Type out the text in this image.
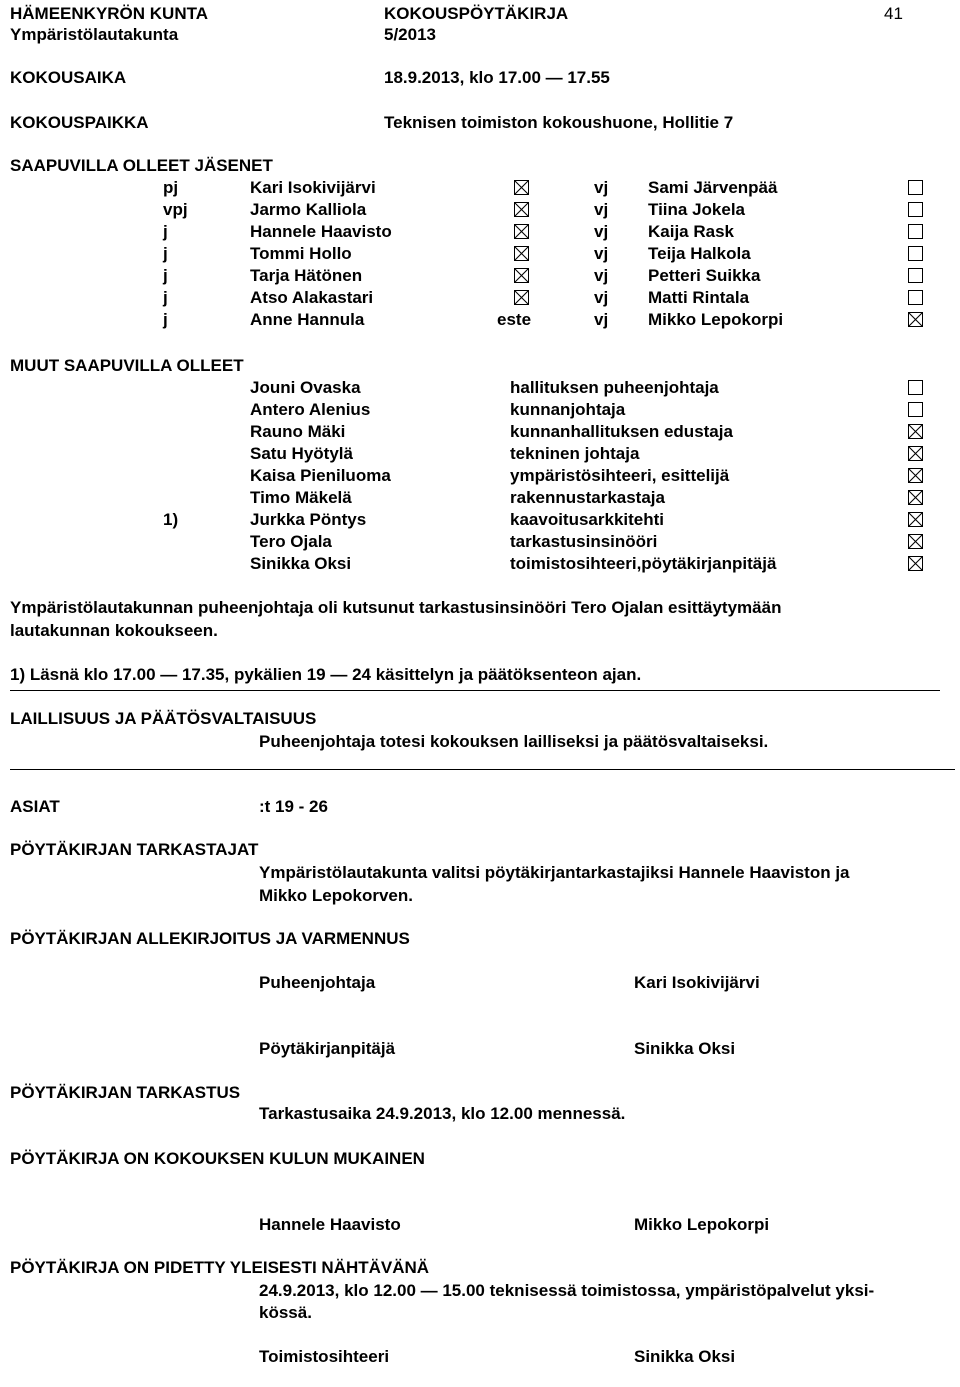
HÄMEENKYRÖN KUNTA
Ympäristölautakunta
KOKOUSPÖYTÄKIRJA
5/2013
41
KOKOUSAIKA	18.9.2013, klo 17.00 — 17.55
KOKOUSPAIKKA	Teknisen toimiston kokoushuone, Hollitie 7
SAAPUVILLA OLLEET JÄSENET
pj	Kari Isokivijärvi	vj Sami Järvenpää
vpj	Jarmo Kalliola	vj Tiina Jokela
j	Hannele Haavisto	vj Kaija Rask
j	Tommi Hollo	vj Teija Halkola
j	Tarja Hätönen	vj Petteri Suikka
j	Atso Alakastari	vj Matti Rintala
j	Anne Hannula	este	vj Mikko Lepokorpi
MUUT SAAPUVILLA OLLEET
Jouni Ovaska	hallituksen puheenjohtaja
Antero Alenius	kunnanjohtaja
Rauno Mäki	kunnanhallituksen edustaja
Satu Hyötylä	tekninen johtaja
Kaisa Pieniluoma	ympäristösihteeri, esittelijä
Timo Mäkelä	rakennustarkastaja
1)	Jurkka Pöntys	kaavoitusarkkitehti
Tero Ojala	tarkastusinsinööri
Sinikka Oksi	toimistosihteeri,pöytäkirjanpitäjä
Ympäristölautakunnan puheenjohtaja oli kutsunut tarkastusinsinööri Tero Ojalan esittäytymään
lautakunnan kokoukseen.
1) Läsnä klo 17.00 — 17.35, pykälien 19 — 24 käsittelyn ja päätöksenteon ajan.
LAILLISUUS JA PÄÄTÖSVALTAISUUS
Puheenjohtaja totesi kokouksen lailliseksi ja päätösvaltaiseksi.
ASIAT	:t 19 - 26
PÖYTÄKIRJAN TARKASTAJAT
Ympäristölautakunta valitsi pöytäkirjantarkastajiksi Hannele Haaviston ja
Mikko Lepokorven.
PÖYTÄKIRJAN ALLEKIRJOITUS JA VARMENNUS
Puheenjohtaja	Kari Isokivijärvi
Pöytäkirjanpitäjä	Sinikka Oksi
PÖYTÄKIRJAN TARKASTUS
Tarkastusaika 24.9.2013, klo 12.00 mennessä.
PÖYTÄKIRJA ON KOKOUKSEN KULUN MUKAINEN
Hannele Haavisto	Mikko Lepokorpi
PÖYTÄKIRJA ON PIDETTY YLEISESTI NÄHTÄVÄNÄ
24.9.2013, klo 12.00 — 15.00 teknisessä toimistossa, ympäristöpalvelut yksi-
kössä.
Toimistosihteeri	Sinikka Oksi
